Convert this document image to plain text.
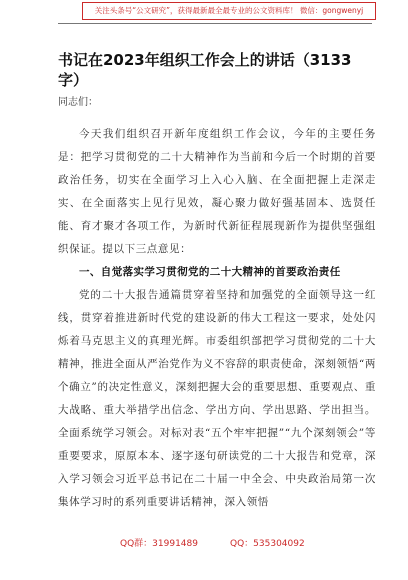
关注头条号“公文研究”，获得最新最全最专业的公文资料库！ 微信：gongwenyj
书记在2023年组织工作会上的讲话（3133字）
同志们：

今天我们组织召开新年度组织工作会议，今年的主要任务是：把学习贯彻党的二十大精神作为当前和今后一个时期的首要政治任务，切实在全面学习上入心入脑、在全面把握上走深走实、在全面落实上见行见效，凝心聚力做好强基固本、选贤任能、育才聚才各项工作，为新时代新征程展现新作为提供坚强组织保证。提以下三点意见：

一、自觉落实学习贯彻党的二十大精神的首要政治责任

党的二十大报告通篇贯穿着坚持和加强党的全面领导这一红线，贯穿着推进新时代党的建设新的伟大工程这一要求，处处闪烁着马克思主义的真理光辉。市委组织部把学习贯彻党的二十大精神，推进全面从严治党作为义不容辞的职责使命，深刻领悟“两个确立”的决定性意义，深刻把握大会的重要思想、重要观点、重大战略、重大举措学出信念、学出方向、学出思路、学出担当。全面系统学习领会。对标对表“五个牢牢把握”“九个深刻领会”等重要要求，原原本本、逐字逐句研读党的二十大报告和党章，深入学习领会习近平总书记在二十届一中全会、中央政治局第一次集体学习时的系列重要讲话精神，深入领悟

QQ群：31991489	QQ：535304092
